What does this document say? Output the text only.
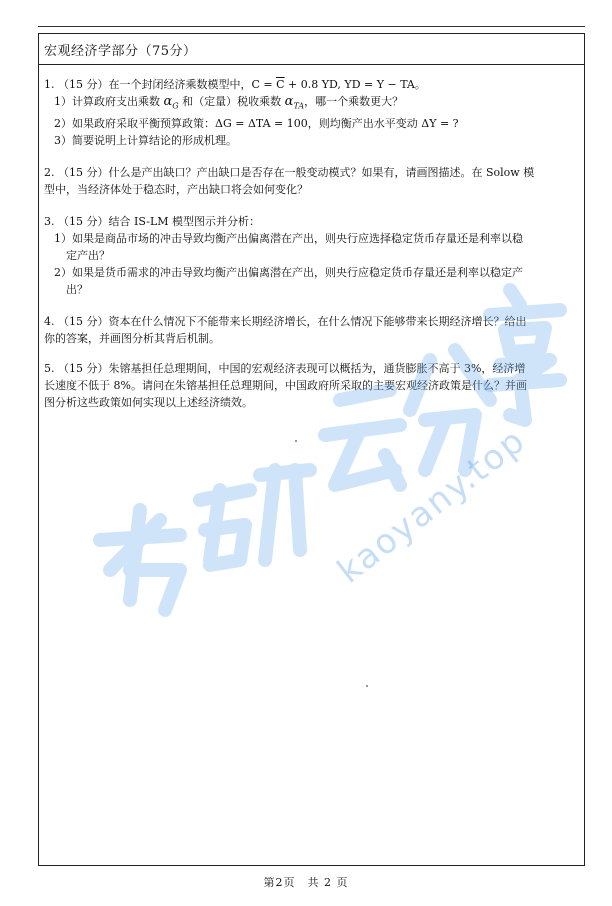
宏观经济学部分（75分）
1. （15 分）在一个封闭经济乘数模型中，$C = \overline{C} + 0.8$ YD, YD = Y − TA。
1）计算政府支出乘数 $\alpha_G$ 和（定量）税收乘数 $\alpha_{TA}$，哪一个乘数更大？
2）如果政府采取平衡预算政策：ΔG = ΔTA = 100，则均衡产出水平变动 ΔY = ?
3）简要说明上计算结论的形成机理。
2. （15 分）什么是产出缺口？产出缺口是否存在一般变动模式？如果有，请画图描述。在 Solow 模
型中，当经济体处于稳态时，产出缺口将会如何变化？
3. （15 分）结合 IS-LM 模型图示并分析：
1）如果是商品市场的冲击导致均衡产出偏离潜在产出，则央行应选择稳定货币存量还是利率以稳
定产出？
2）如果是货币需求的冲击导致均衡产出偏离潜在产出，则央行应稳定货币存量还是利率以稳定产
出？
4. （15 分）资本在什么情况下不能带来长期经济增长，在什么情况下能够带来长期经济增长？给出
你的答案，并画图分析其背后机制。
5. （15 分）朱镕基担任总理期间，中国的宏观经济表现可以概括为，通货膨胀不高于 3%，经济增
长速度不低于 8%。请问在朱镕基担任总理期间，中国政府所采取的主要宏观经济政策是什么？并画
图分析这些政策如何实现以上述经济绩效。
kaoyany.top
第2页　共 2 页
